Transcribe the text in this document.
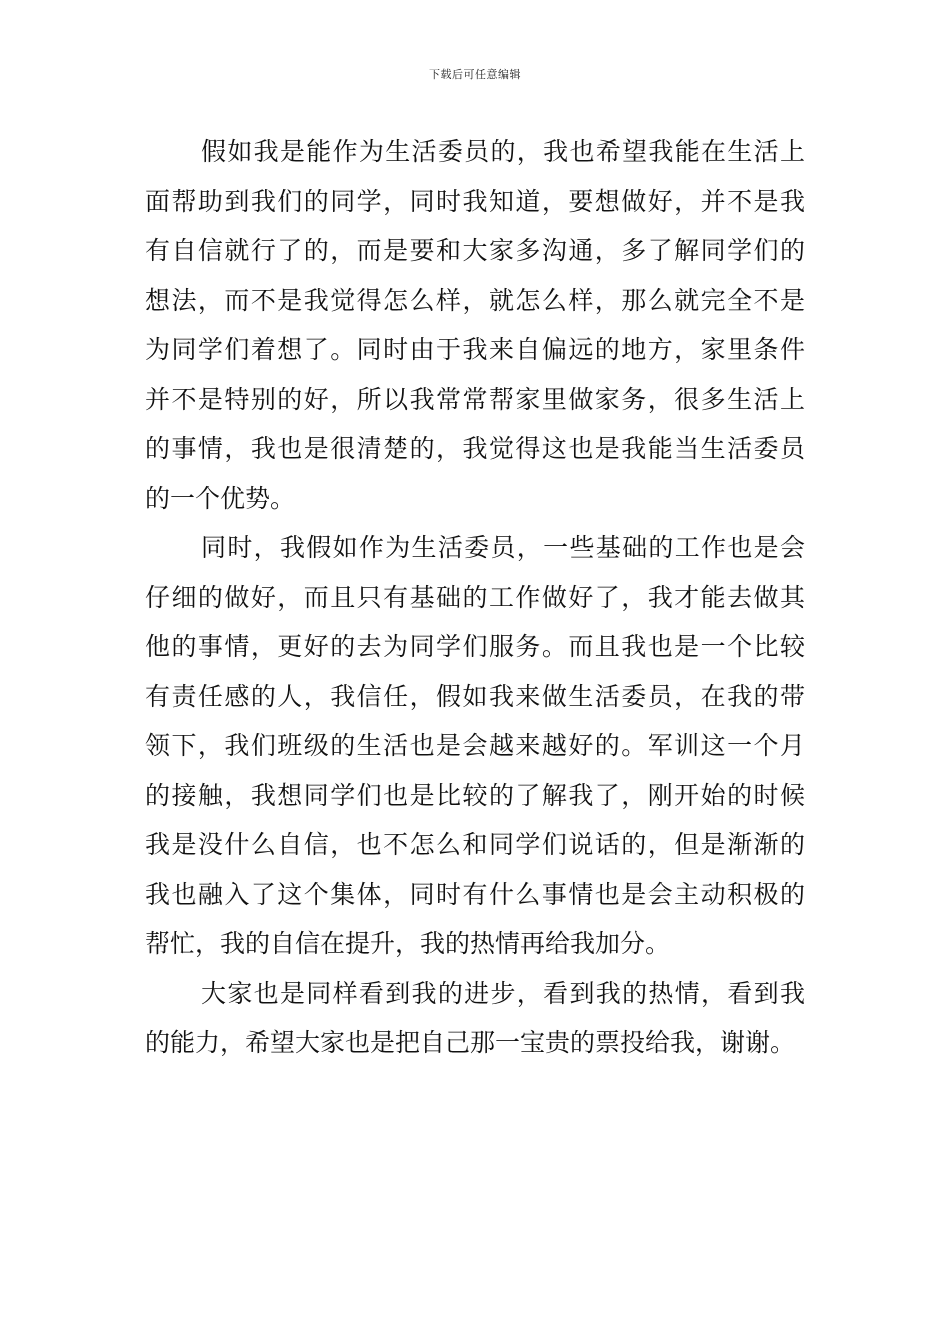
下载后可任意编辑
假如我是能作为生活委员的，我也希望我能在生活上
面帮助到我们的同学，同时我知道，要想做好，并不是我
有自信就行了的，而是要和大家多沟通，多了解同学们的
想法，而不是我觉得怎么样，就怎么样，那么就完全不是
为同学们着想了。同时由于我来自偏远的地方，家里条件
并不是特别的好，所以我常常帮家里做家务，很多生活上
的事情，我也是很清楚的，我觉得这也是我能当生活委员
的一个优势。
同时，我假如作为生活委员，一些基础的工作也是会
仔细的做好，而且只有基础的工作做好了，我才能去做其
他的事情，更好的去为同学们服务。而且我也是一个比较
有责任感的人，我信任，假如我来做生活委员，在我的带
领下，我们班级的生活也是会越来越好的。军训这一个月
的接触，我想同学们也是比较的了解我了，刚开始的时候
我是没什么自信，也不怎么和同学们说话的，但是渐渐的
我也融入了这个集体，同时有什么事情也是会主动积极的
帮忙，我的自信在提升，我的热情再给我加分。
大家也是同样看到我的进步，看到我的热情，看到我
的能力，希望大家也是把自己那一宝贵的票投给我，谢谢。
